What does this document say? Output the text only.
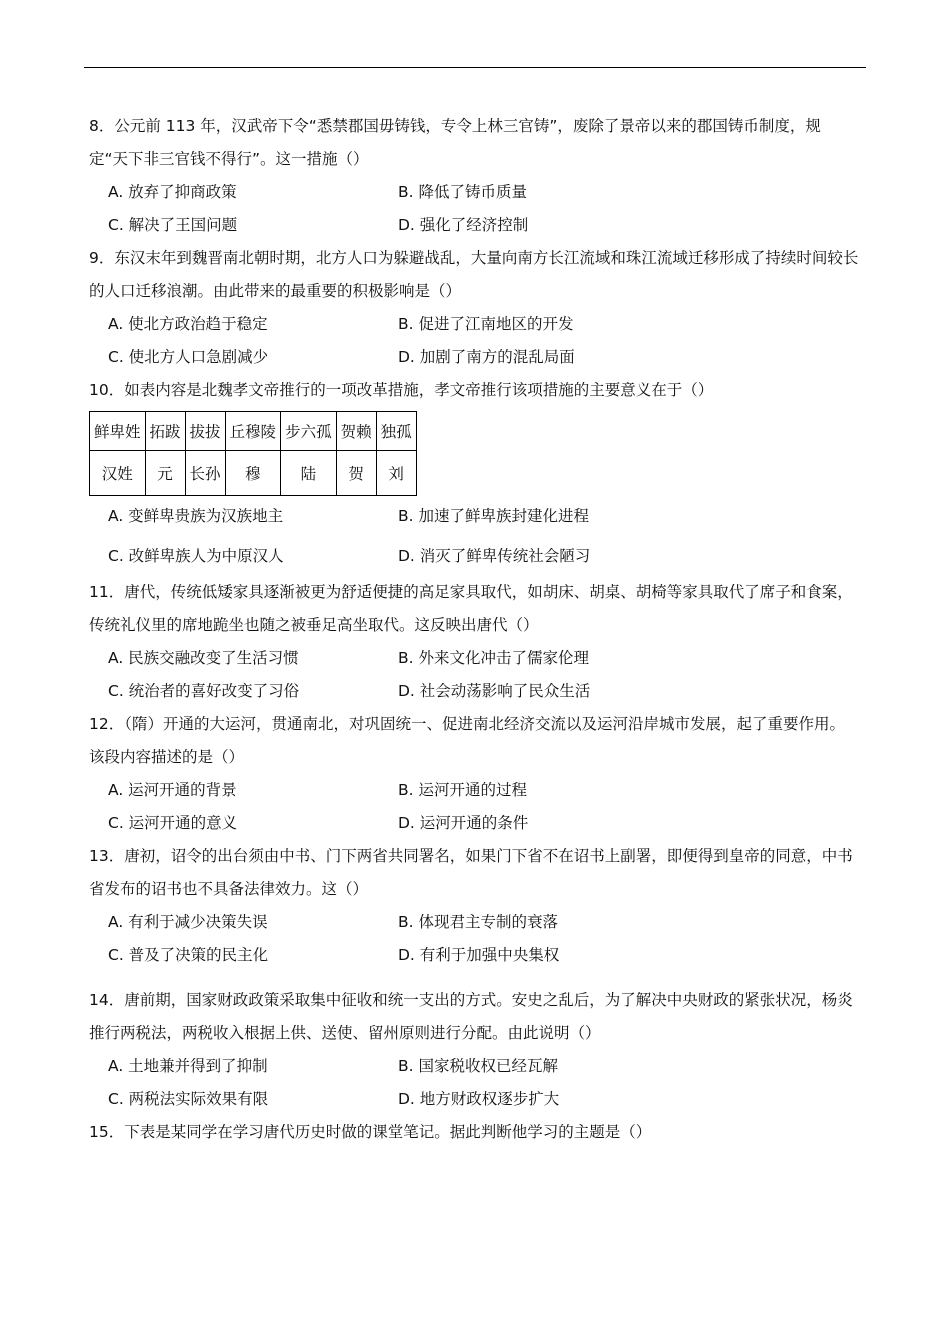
8．公元前 113 年，汉武帝下令“悉禁郡国毋铸钱，专令上林三官铸”，废除了景帝以来的郡国铸币制度，规定“天下非三官钱不得行”。这一措施（）

A. 放弃了抑商政策	B. 降低了铸币质量
C. 解决了王国问题	D. 强化了经济控制

9．东汉末年到魏晋南北朝时期，北方人口为躲避战乱，大量向南方长江流域和珠江流域迁移形成了持续时间较长的人口迁移浪潮。由此带来的最重要的积极影响是（）

A. 使北方政治趋于稳定	B. 促进了江南地区的开发
C. 使北方人口急剧减少	D. 加剧了南方的混乱局面

10．如表内容是北魏孝文帝推行的一项改革措施，孝文帝推行该项措施的主要意义在于（）

鲜卑姓	拓跋	拔拔	丘穆陵	步六孤	贺赖	独孤
汉姓	元	长孙	穆	陆	贺	刘
A. 变鲜卑贵族为汉族地主	B. 加速了鲜卑族封建化进程
C. 改鲜卑族人为中原汉人	D. 消灭了鲜卑传统社会陋习

11．唐代，传统低矮家具逐渐被更为舒适便捷的高足家具取代，如胡床、胡桌、胡椅等家具取代了席子和食案，传统礼仪里的席地跪坐也随之被垂足高坐取代。这反映出唐代（）

A. 民族交融改变了生活习惯	B. 外来文化冲击了儒家伦理
C. 统治者的喜好改变了习俗	D. 社会动荡影响了民众生活

12．（隋）开通的大运河，贯通南北，对巩固统一、促进南北经济交流以及运河沿岸城市发展，起了重要作用。该段内容描述的是（）

A. 运河开通的背景	B. 运河开通的过程
C. 运河开通的意义	D. 运河开通的条件

13．唐初，诏令的出台须由中书、门下两省共同署名，如果门下省不在诏书上副署，即便得到皇帝的同意，中书省发布的诏书也不具备法律效力。这（）

A. 有利于减少决策失误	B. 体现君主专制的衰落
C. 普及了决策的民主化	D. 有利于加强中央集权

14．唐前期，国家财政政策采取集中征收和统一支出的方式。安史之乱后，为了解决中央财政的紧张状况，杨炎推行两税法，两税收入根据上供、送使、留州原则进行分配。由此说明（）

A. 土地兼并得到了抑制	B. 国家税收权已经瓦解
C. 两税法实际效果有限	D. 地方财政权逐步扩大

15．下表是某同学在学习唐代历史时做的课堂笔记。据此判断他学习的主题是（）
